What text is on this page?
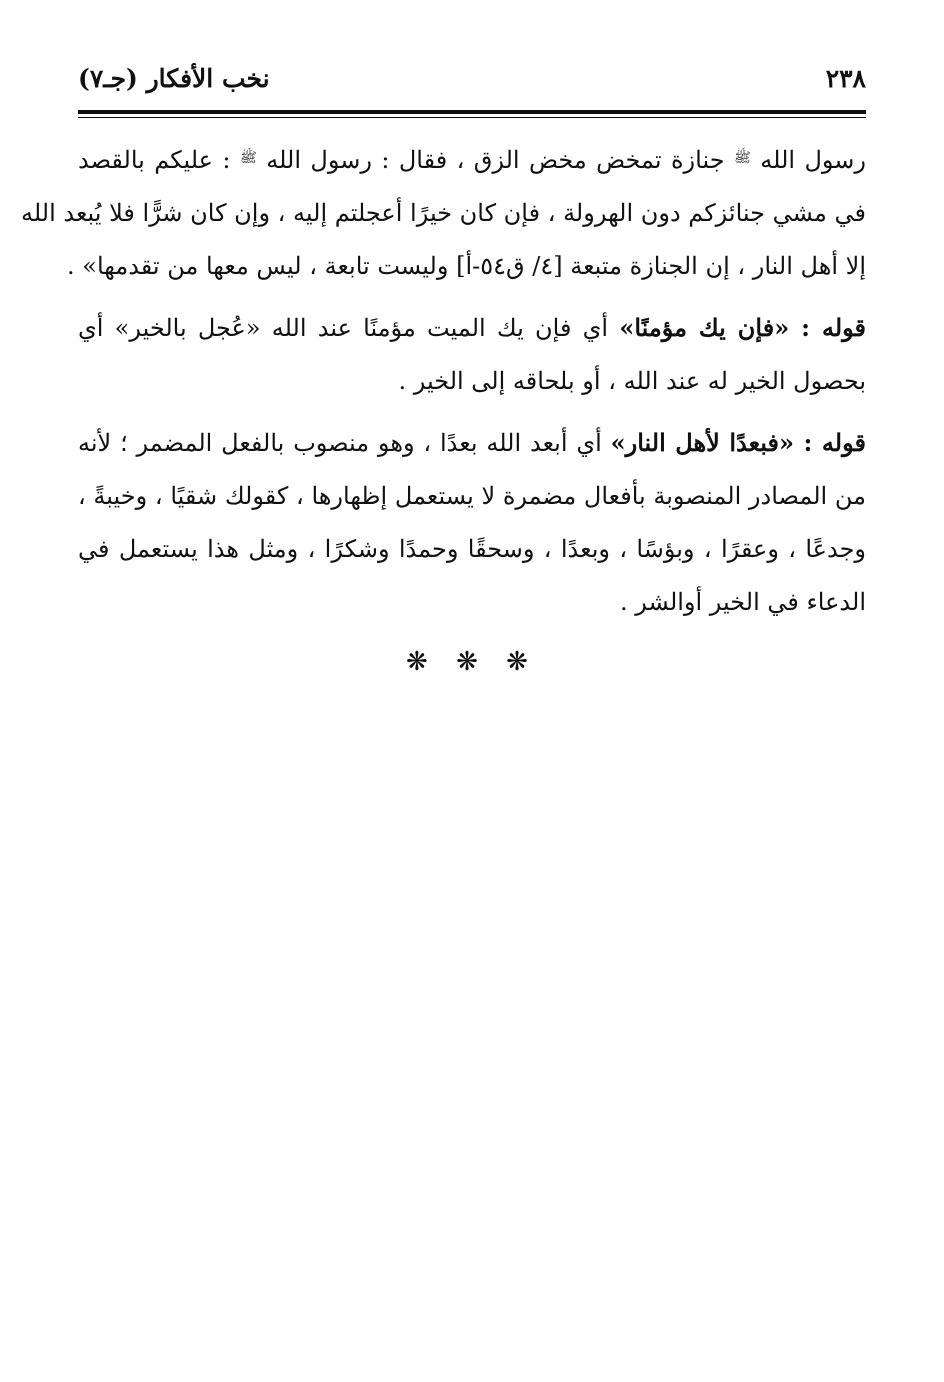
٢٣٨
نخب الأفكار (جـ٧)
رسول الله $^ﷺ$ جنازة تمخض مخض الزق ، فقال : رسول الله $^ﷺ$ : عليكم بالقصد
في مشي جنائزكم دون الهرولة ، فإن كان خيرًا أعجلتم إليه ، وإن كان شرًّا فلا يُبعد الله
إلا أهل النار ، إن الجنازة متبعة [٤/ ق٥٤-أ] وليست تابعة ، ليس معها من تقدمها» .
قوله : «فإن يك مؤمنًا» أي فإن يك الميت مؤمنًا عند الله «عُجل بالخير» أي
بحصول الخير له عند الله ، أو بلحاقه إلى الخير .
قوله : «فبعدًا لأهل النار» أي أبعد الله بعدًا ، وهو منصوب بالفعل المضمر ؛ لأنه
من المصادر المنصوبة بأفعال مضمرة لا يستعمل إظهارها ، كقولك شقيًا ، وخيبةً ،
وجدعًا ، وعقرًا ، وبؤسًا ، وبعدًا ، وسحقًا وحمدًا وشكرًا ، ومثل هذا يستعمل في
الدعاء في الخير أوالشر .
❋ ❋ ❋
